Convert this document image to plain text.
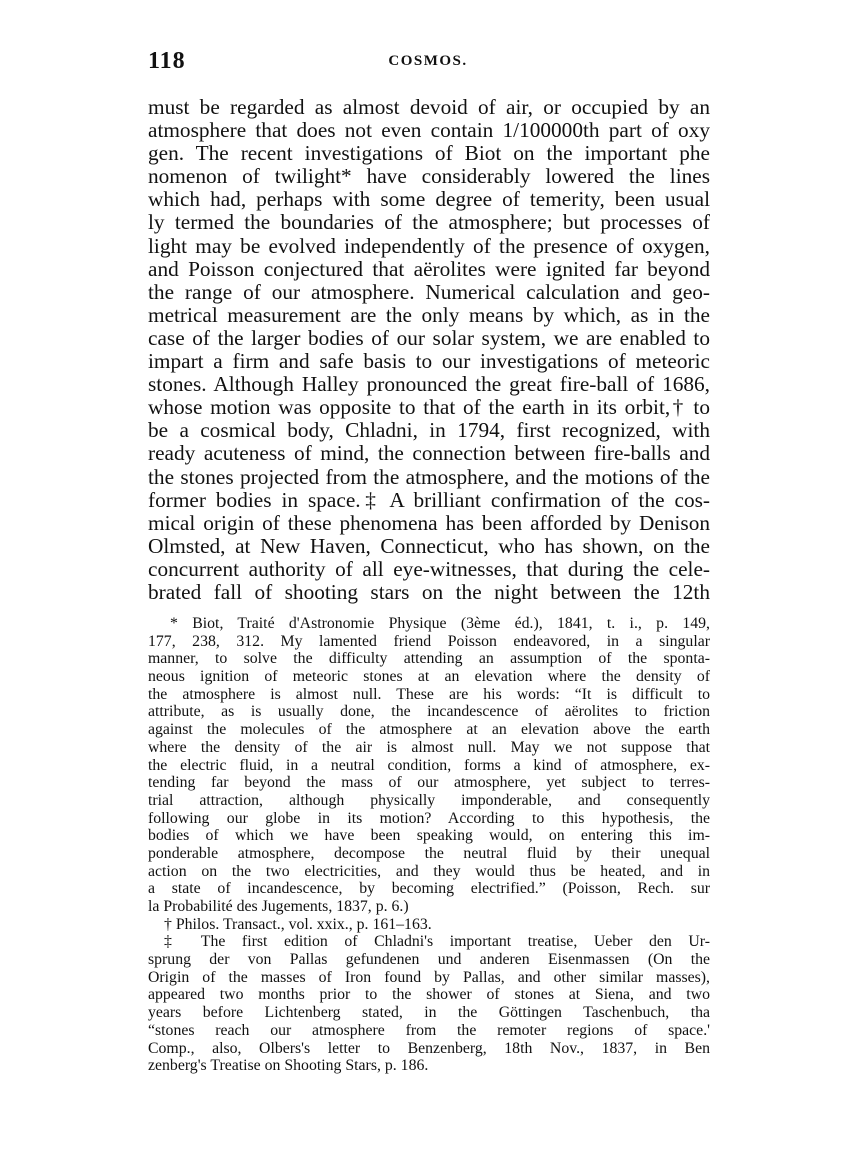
118	COSMOS.
must be regarded as almost devoid of air, or occupied by an
atmosphere that does not even contain 1/100000th part of oxy
gen. The recent investigations of Biot on the important phe
nomenon of twilight* have considerably lowered the lines
which had, perhaps with some degree of temerity, been usual
ly termed the boundaries of the atmosphere; but processes of
light may be evolved independently of the presence of oxygen,
and Poisson conjectured that aërolites were ignited far beyond
the range of our atmosphere. Numerical calculation and geo-
metrical measurement are the only means by which, as in the
case of the larger bodies of our solar system, we are enabled to
impart a firm and safe basis to our investigations of meteoric
stones. Although Halley pronounced the great fire-ball of 1686,
whose motion was opposite to that of the earth in its orbit,† to
be a cosmical body, Chladni, in 1794, first recognized, with
ready acuteness of mind, the connection between fire-balls and
the stones projected from the atmosphere, and the motions of the
former bodies in space.‡ A brilliant confirmation of the cos-
mical origin of these phenomena has been afforded by Denison
Olmsted, at New Haven, Connecticut, who has shown, on the
concurrent authority of all eye-witnesses, that during the cele-
brated fall of shooting stars on the night between the 12th
* Biot, Traité d'Astronomie Physique (3ème éd.), 1841, t. i., p. 149,
177, 238, 312. My lamented friend Poisson endeavored, in a singular
manner, to solve the difficulty attending an assumption of the sponta-
neous ignition of meteoric stones at an elevation where the density of
the atmosphere is almost null. These are his words: “It is difficult to
attribute, as is usually done, the incandescence of aërolites to friction
against the molecules of the atmosphere at an elevation above the earth
where the density of the air is almost null. May we not suppose that
the electric fluid, in a neutral condition, forms a kind of atmosphere, ex-
tending far beyond the mass of our atmosphere, yet subject to terres-
trial attraction, although physically imponderable, and consequently
following our globe in its motion? According to this hypothesis, the
bodies of which we have been speaking would, on entering this im-
ponderable atmosphere, decompose the neutral fluid by their unequal
action on the two electricities, and they would thus be heated, and in
a state of incandescence, by becoming electrified.” (Poisson, Rech. sur
la Probabilité des Jugements, 1837, p. 6.)
† Philos. Transact., vol. xxix., p. 161–163.
‡ The first edition of Chladni's important treatise, Ueber den Ur-
sprung der von Pallas gefundenen und anderen Eisenmassen (On the
Origin of the masses of Iron found by Pallas, and other similar masses),
appeared two months prior to the shower of stones at Siena, and two
years before Lichtenberg stated, in the Göttingen Taschenbuch, tha
“stones reach our atmosphere from the remoter regions of space.'
Comp., also, Olbers's letter to Benzenberg, 18th Nov., 1837, in Ben
zenberg's Treatise on Shooting Stars, p. 186.
